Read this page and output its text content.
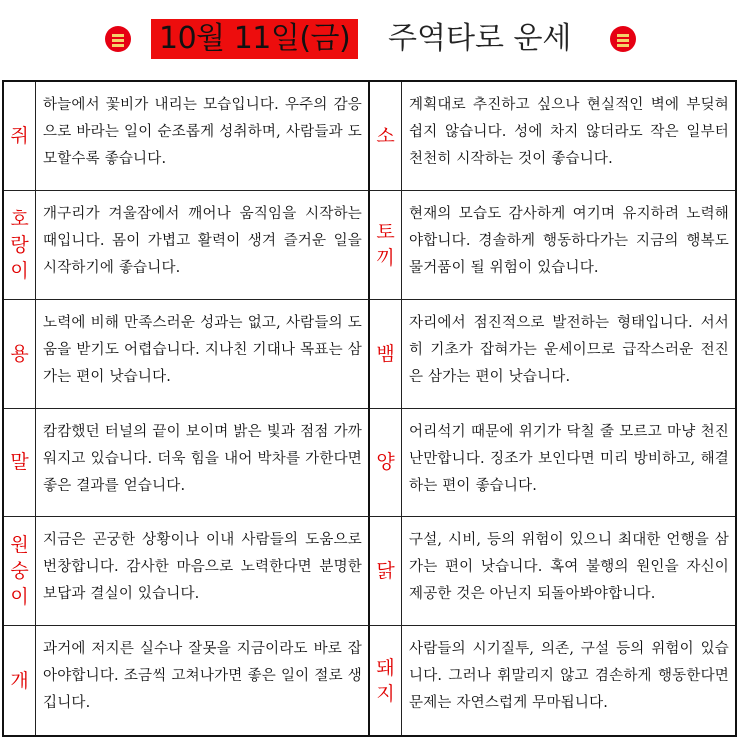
10월 11일(금) 주역타로 운세
쥐

하늘에서 꽃비가 내리는 모습입니다. 우주의 감응으로 바라는 일이 순조롭게 성취하며, 사람들과 도모할수록 좋습니다.

소

계획대로 추진하고 싶으나 현실적인 벽에 부딪혀 쉽지 않습니다. 성에 차지 않더라도 작은 일부터 천천히 시작하는 것이 좋습니다.

호
랑
이

개구리가 겨울잠에서 깨어나 움직임을 시작하는 때입니다. 몸이 가볍고 활력이 생겨 즐거운 일을 시작하기에 좋습니다.

토
끼

현재의 모습도 감사하게 여기며 유지하려 노력해야합니다. 경솔하게 행동하다가는 지금의 행복도 물거품이 될 위험이 있습니다.

용

노력에 비해 만족스러운 성과는 없고, 사람들의 도움을 받기도 어렵습니다. 지나친 기대나 목표는 삼가는 편이 낫습니다.

뱀

자리에서 점진적으로 발전하는 형태입니다. 서서히 기초가 잡혀가는 운세이므로 급작스러운 전진은 삼가는 편이 낫습니다.

말

캄캄했던 터널의 끝이 보이며 밝은 빛과 점점 가까워지고 있습니다. 더욱 힘을 내어 박차를 가한다면 좋은 결과를 얻습니다.

양

어리석기 때문에 위기가 닥칠 줄 모르고 마냥 천진난만합니다. 징조가 보인다면 미리 방비하고, 해결하는 편이 좋습니다.

원
숭
이

지금은 곤궁한 상황이나 이내 사람들의 도움으로 번창합니다. 감사한 마음으로 노력한다면 분명한 보답과 결실이 있습니다.

닭

구설, 시비, 등의 위험이 있으니 최대한 언행을 삼가는 편이 낫습니다. 혹여 불행의 원인을 자신이 제공한 것은 아닌지 되돌아봐야합니다.

개

과거에 저지른 실수나 잘못을 지금이라도 바로 잡아야합니다. 조금씩 고쳐나가면 좋은 일이 절로 생깁니다.

돼
지

사람들의 시기질투, 의존, 구설 등의 위험이 있습니다. 그러나 휘말리지 않고 겸손하게 행동한다면 문제는 자연스럽게 무마됩니다.
